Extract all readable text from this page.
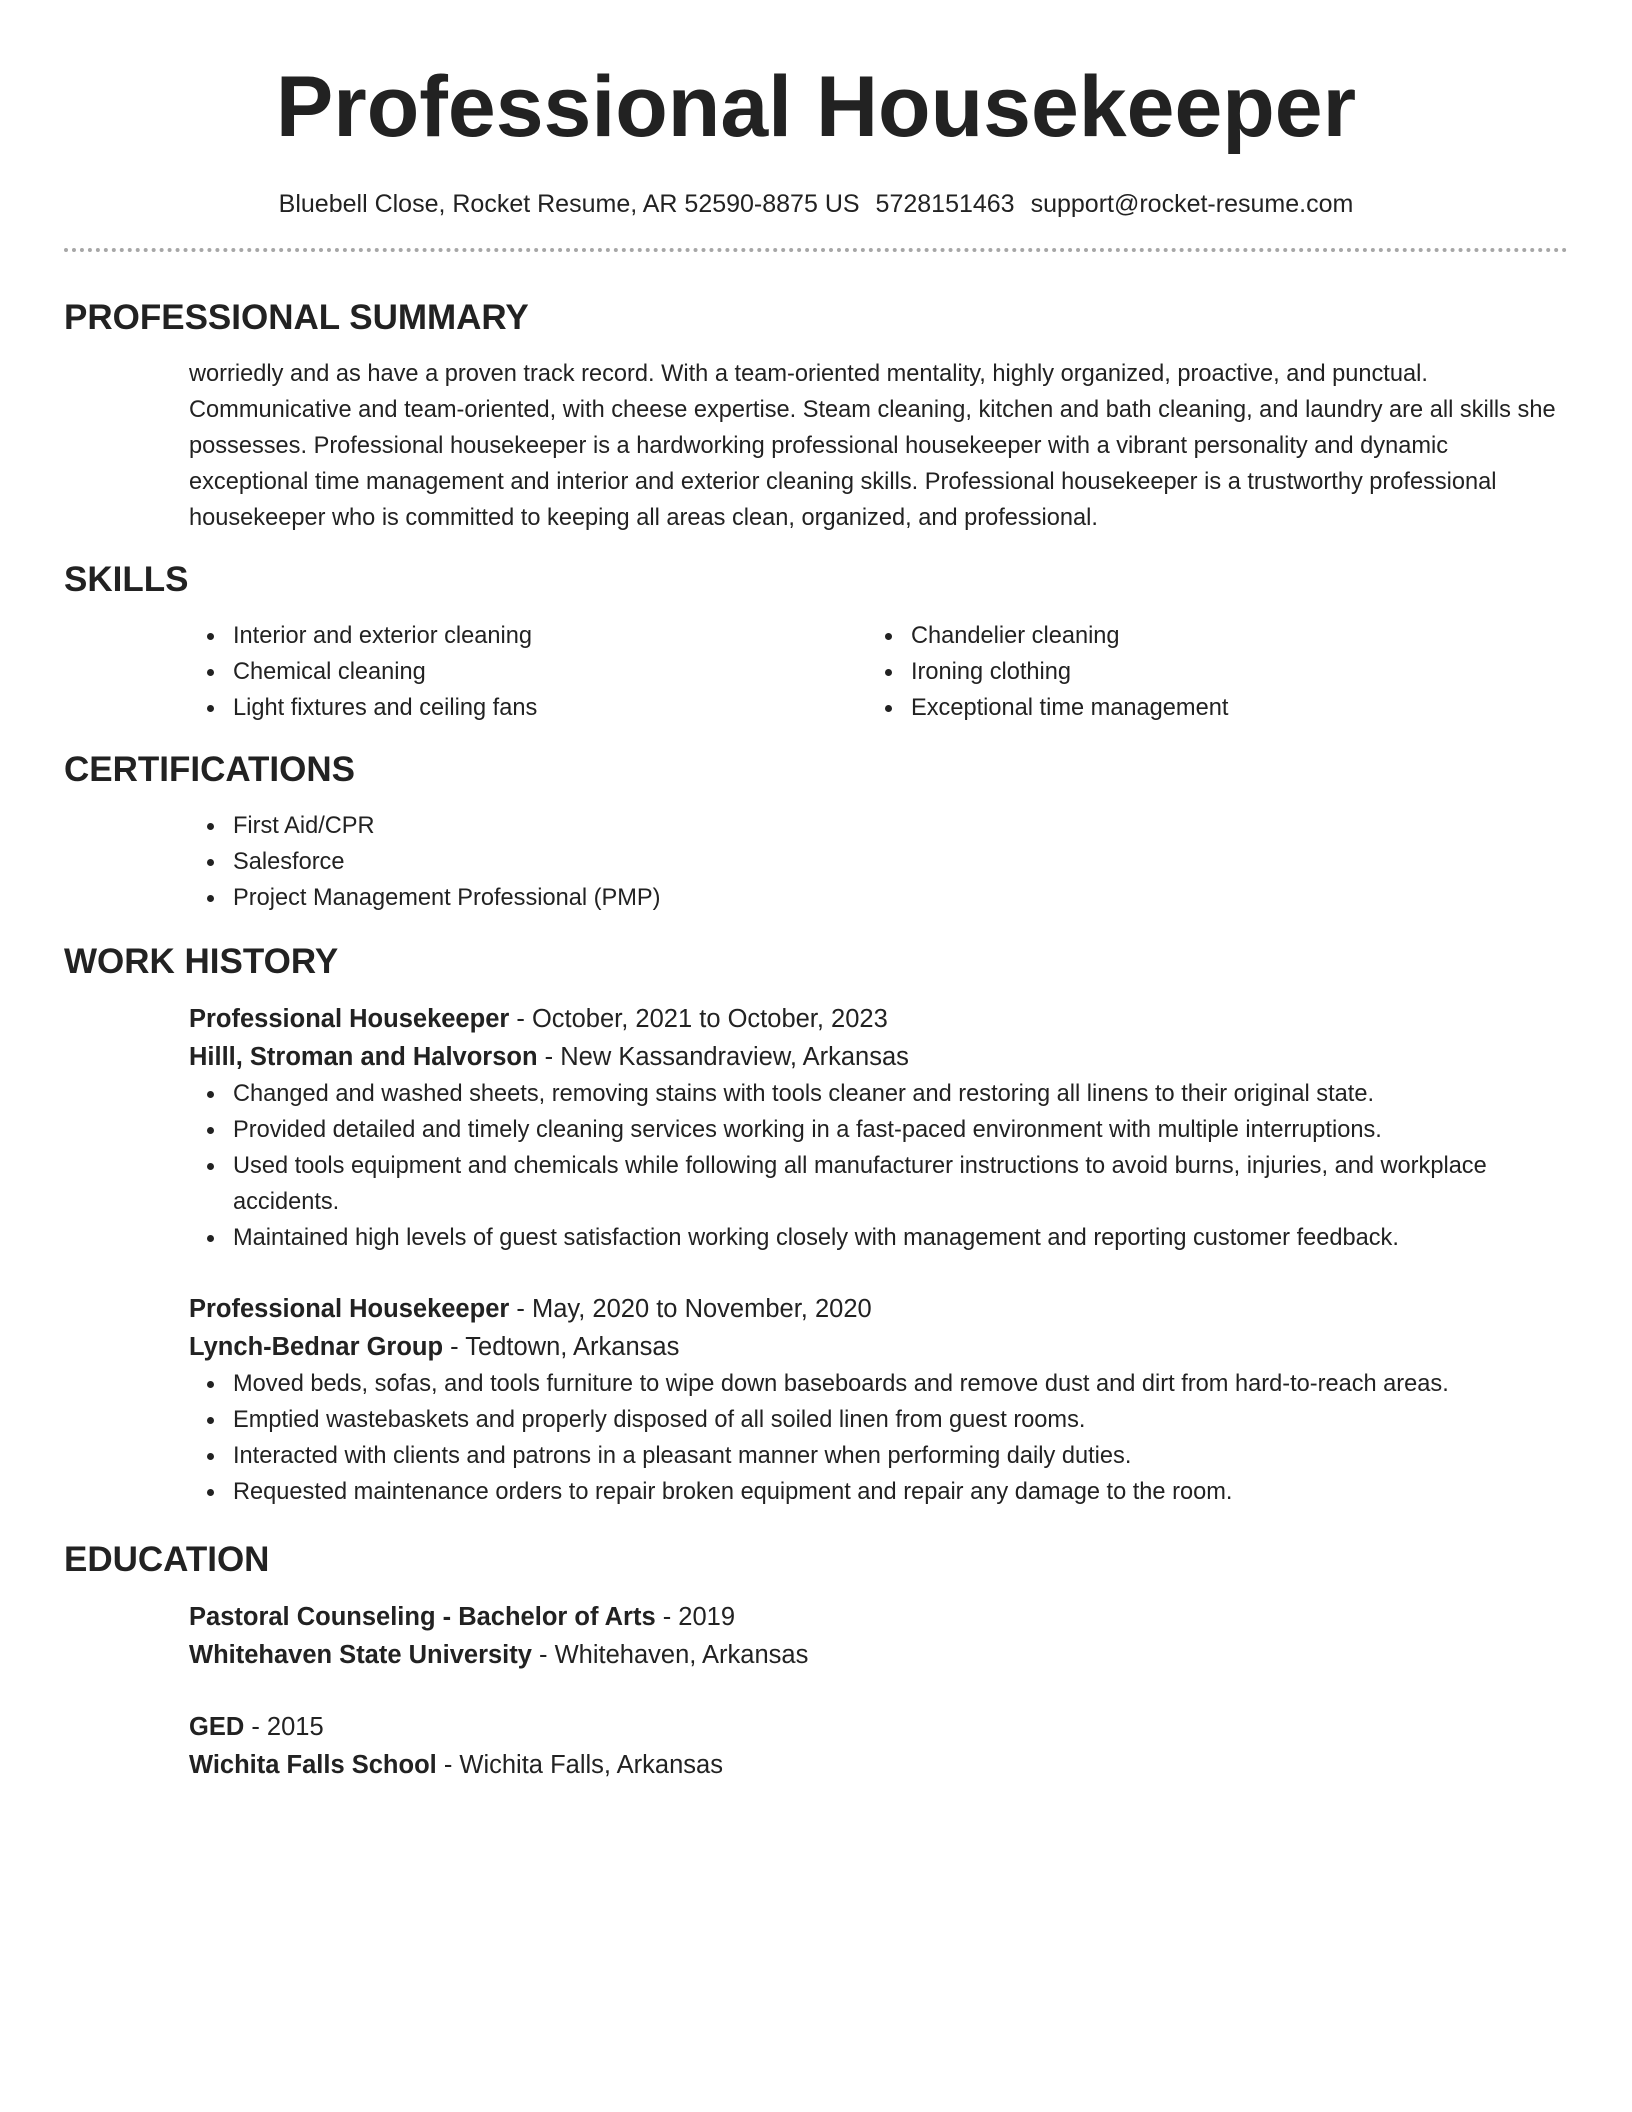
Professional Housekeeper
Bluebell Close, Rocket Resume, AR 52590-8875 US 5728151463 support@rocket-resume.com
PROFESSIONAL SUMMARY
worriedly and as have a proven track record. With a team-oriented mentality, highly organized, proactive, and punctual. Communicative and team-oriented, with cheese expertise. Steam cleaning, kitchen and bath cleaning, and laundry are all skills she possesses. Professional housekeeper is a hardworking professional housekeeper with a vibrant personality and dynamic exceptional time management and interior and exterior cleaning skills. Professional housekeeper is a trustworthy professional housekeeper who is committed to keeping all areas clean, organized, and professional.
SKILLS
Interior and exterior cleaning
Chemical cleaning
Light fixtures and ceiling fans
Chandelier cleaning
Ironing clothing
Exceptional time management
CERTIFICATIONS
First Aid/CPR
Salesforce
Project Management Professional (PMP)
WORK HISTORY
Professional Housekeeper - October, 2021 to October, 2023
Hilll, Stroman and Halvorson - New Kassandraview, Arkansas
Changed and washed sheets, removing stains with tools cleaner and restoring all linens to their original state.
Provided detailed and timely cleaning services working in a fast-paced environment with multiple interruptions.
Used tools equipment and chemicals while following all manufacturer instructions to avoid burns, injuries, and workplace accidents.
Maintained high levels of guest satisfaction working closely with management and reporting customer feedback.
Professional Housekeeper - May, 2020 to November, 2020
Lynch-Bednar Group - Tedtown, Arkansas
Moved beds, sofas, and tools furniture to wipe down baseboards and remove dust and dirt from hard-to-reach areas.
Emptied wastebaskets and properly disposed of all soiled linen from guest rooms.
Interacted with clients and patrons in a pleasant manner when performing daily duties.
Requested maintenance orders to repair broken equipment and repair any damage to the room.
EDUCATION
Pastoral Counseling - Bachelor of Arts - 2019
Whitehaven State University - Whitehaven, Arkansas
GED - 2015
Wichita Falls School - Wichita Falls, Arkansas
